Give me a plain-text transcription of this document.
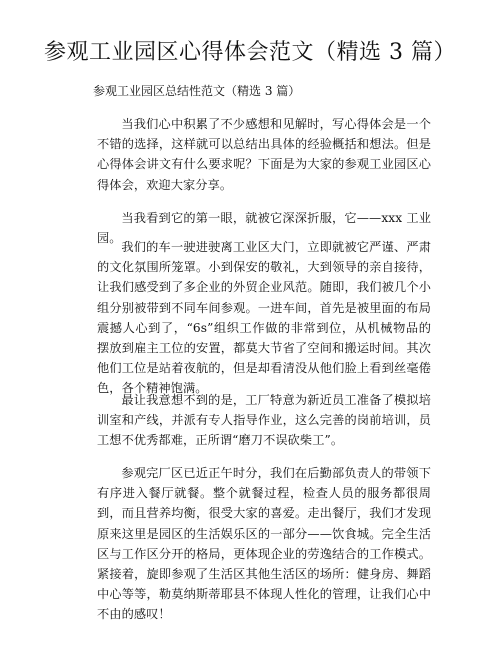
参观工业园区心得体会范文（精选 3 篇）

参观工业园区总结性范文（精选 3 篇）

当我们心中积累了不少感想和见解时，写心得体会是一个不错的选择，这样就可以总结出具体的经验概括和想法。但是心得体会讲文有什么要求呢？下面是为大家的参观工业园区心得体会，欢迎大家分享。

当我看到它的第一眼，就被它深深折服，它——xxx 工业园。

我们的车一驶进驶离工业区大门，立即就被它严谨、严肃的文化氛围所笼罩。小到保安的敬礼，大到领导的亲自接待，让我们感受到了多企业的外贸企业风范。随即，我们被几个小组分别被带到不同车间参观。一进车间，首先是被里面的布局震撼人心到了，“6s”组织工作做的非常到位，从机械物品的摆放到雇主工位的安置，都莫大节省了空间和搬运时间。其次他们工位是站着夜航的，但是却看清没从他们脸上看到丝毫倦色，各个精神饱满。

最让我意想不到的是，工厂特意为新近员工准备了模拟培训室和产线，并派有专人指导作业，这么完善的岗前培训，员工想不优秀都难，正所谓“磨刀不误砍柴工”。

参观完厂区已近正午时分，我们在后勤部负责人的带领下有序进入餐厅就餐。整个就餐过程，检查人员的服务都很周到，而且营养均衡，很受大家的喜爱。走出餐厅，我们才发现原来这里是园区的生活娱乐区的一部分——饮食城。完全生活区与工作区分开的格局，更体现企业的劳逸结合的工作模式。紧接着，旋即参观了生活区其他生活区的场所：健身房、舞蹈中心等等，勒莫纳斯蒂耶县不体现人性化的管理，让我们心中不由的感叹！
